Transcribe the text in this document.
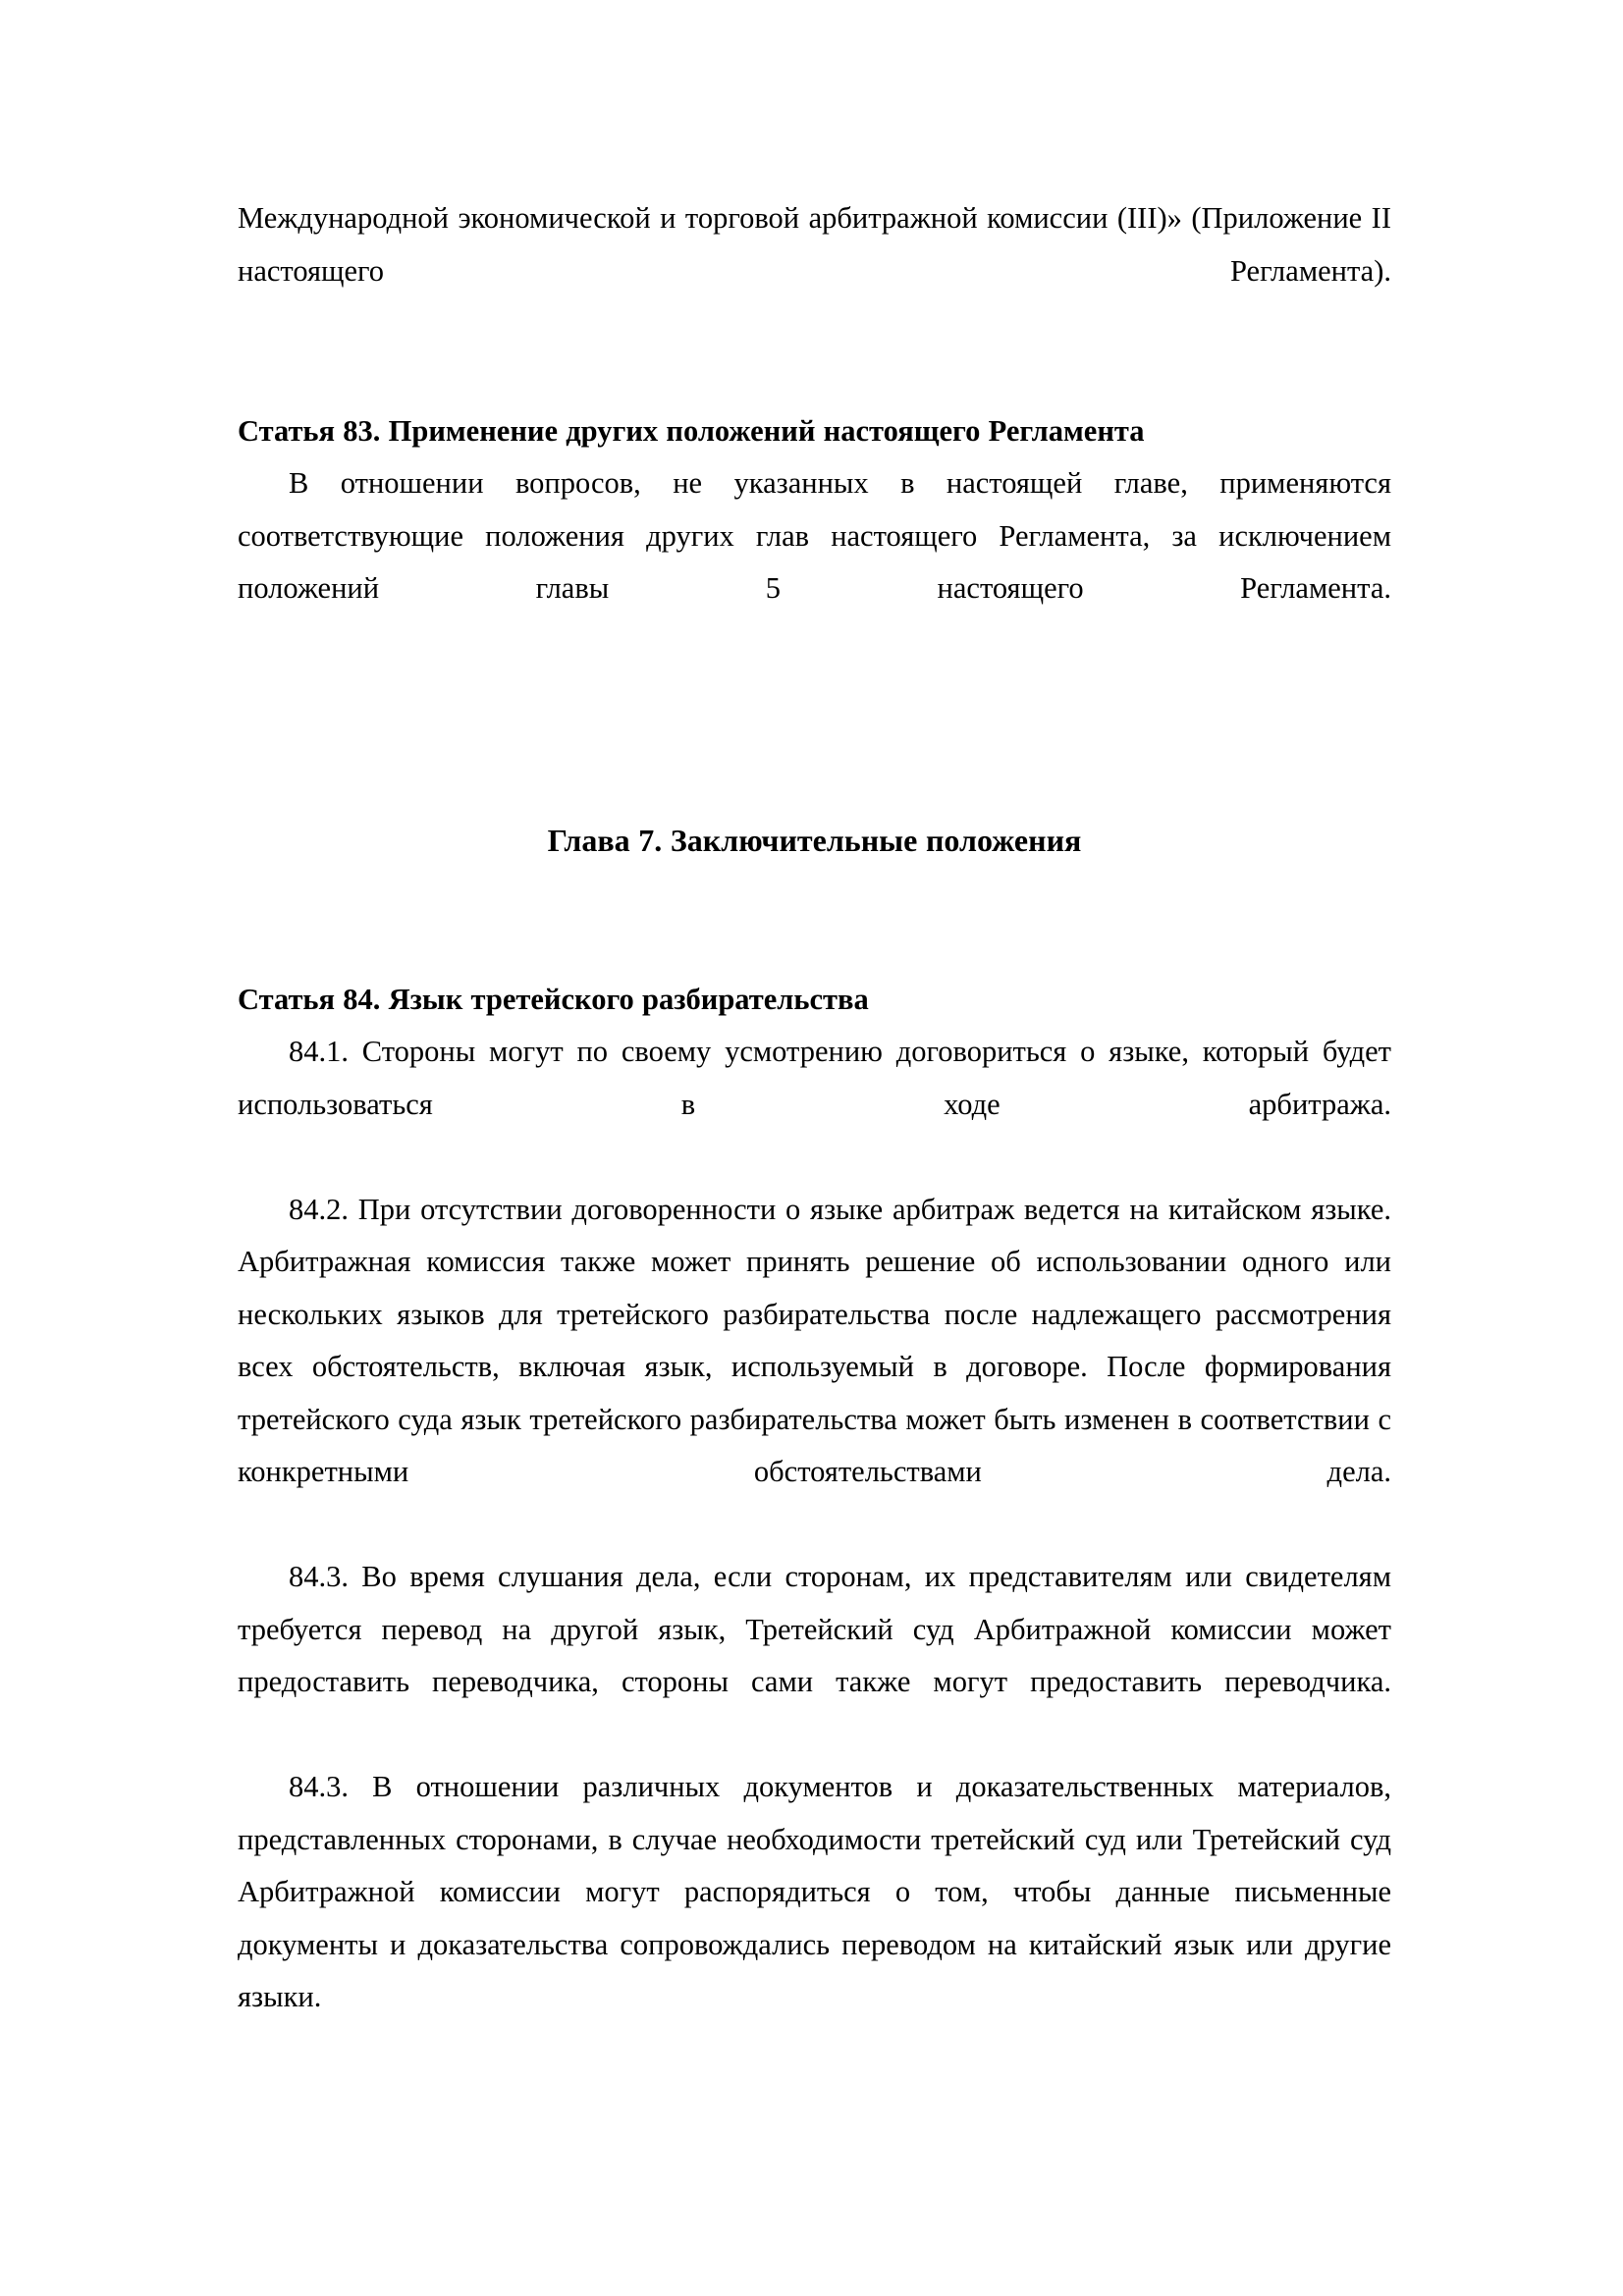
Международной экономической и торговой арбитражной комиссии (III)» (Приложение II настоящего Регламента).

Статья 83. Применение других положений настоящего Регламента

В отношении вопросов, не указанных в настоящей главе, применяются соответствующие положения других глав настоящего Регламента, за исключением положений главы 5 настоящего Регламента.

Глава 7. Заключительные положения

Статья 84. Язык третейского разбирательства

84.1. Стороны могут по своему усмотрению договориться о языке, который будет использоваться в ходе арбитража.

84.2. При отсутствии договоренности о языке арбитраж ведется на китайском языке. Арбитражная комиссия также может принять решение об использовании одного или нескольких языков для третейского разбирательства после надлежащего рассмотрения всех обстоятельств, включая язык, используемый в договоре. После формирования третейского суда язык третейского разбирательства может быть изменен в соответствии с конкретными обстоятельствами дела.

84.3. Во время слушания дела, если сторонам, их представителям или свидетелям требуется перевод на другой язык, Третейский суд Арбитражной комиссии может предоставить переводчика, стороны сами также могут предоставить переводчика.

84.3. В отношении различных документов и доказательственных материалов, представленных сторонами, в случае необходимости третейский суд или Третейский суд Арбитражной комиссии могут распорядиться о том, чтобы данные письменные документы и доказательства сопровождались переводом на китайский язык или другие языки.
